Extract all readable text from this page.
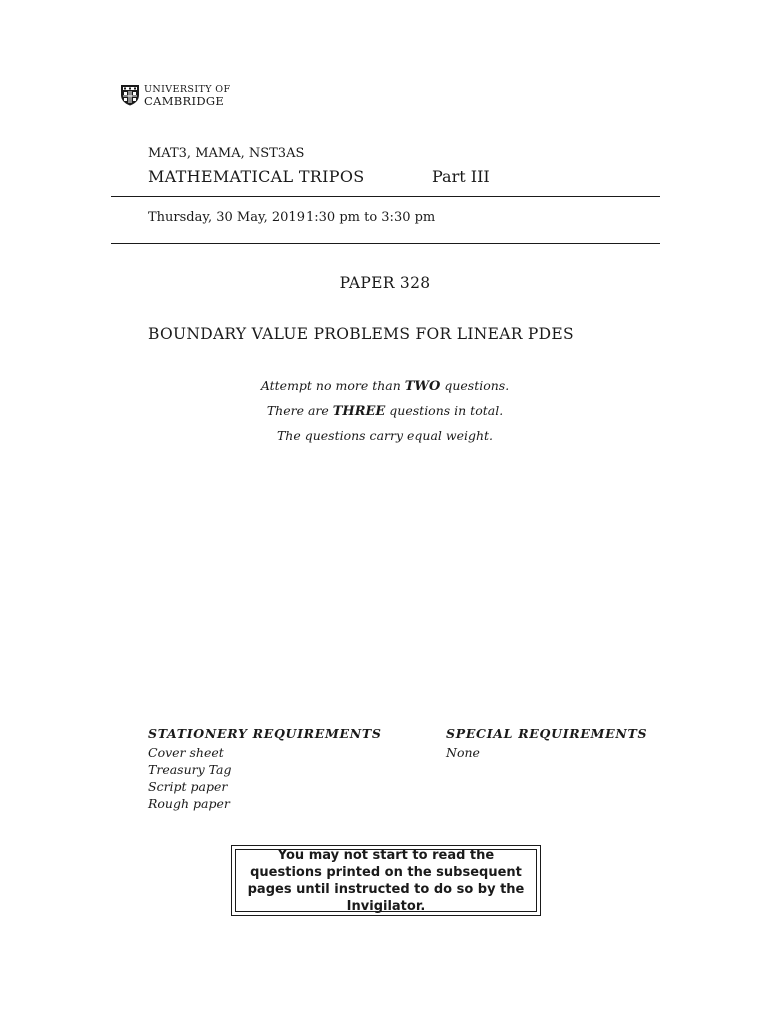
UNIVERSITY OF
CAMBRIDGE
MAT3, MAMA, NST3AS
MATHEMATICAL TRIPOS	Part III
Thursday, 30 May, 2019 1:30 pm to 3:30 pm
PAPER 328
BOUNDARY VALUE PROBLEMS FOR LINEAR PDES
Attempt no more than TWO questions.
There are THREE questions in total.
The questions carry equal weight.
STATIONERY REQUIREMENTS
Cover sheet
Treasury Tag
Script paper
Rough paper
SPECIAL REQUIREMENTS
None
You may not start to read the questions printed on the subsequent pages until instructed to do so by the Invigilator.
